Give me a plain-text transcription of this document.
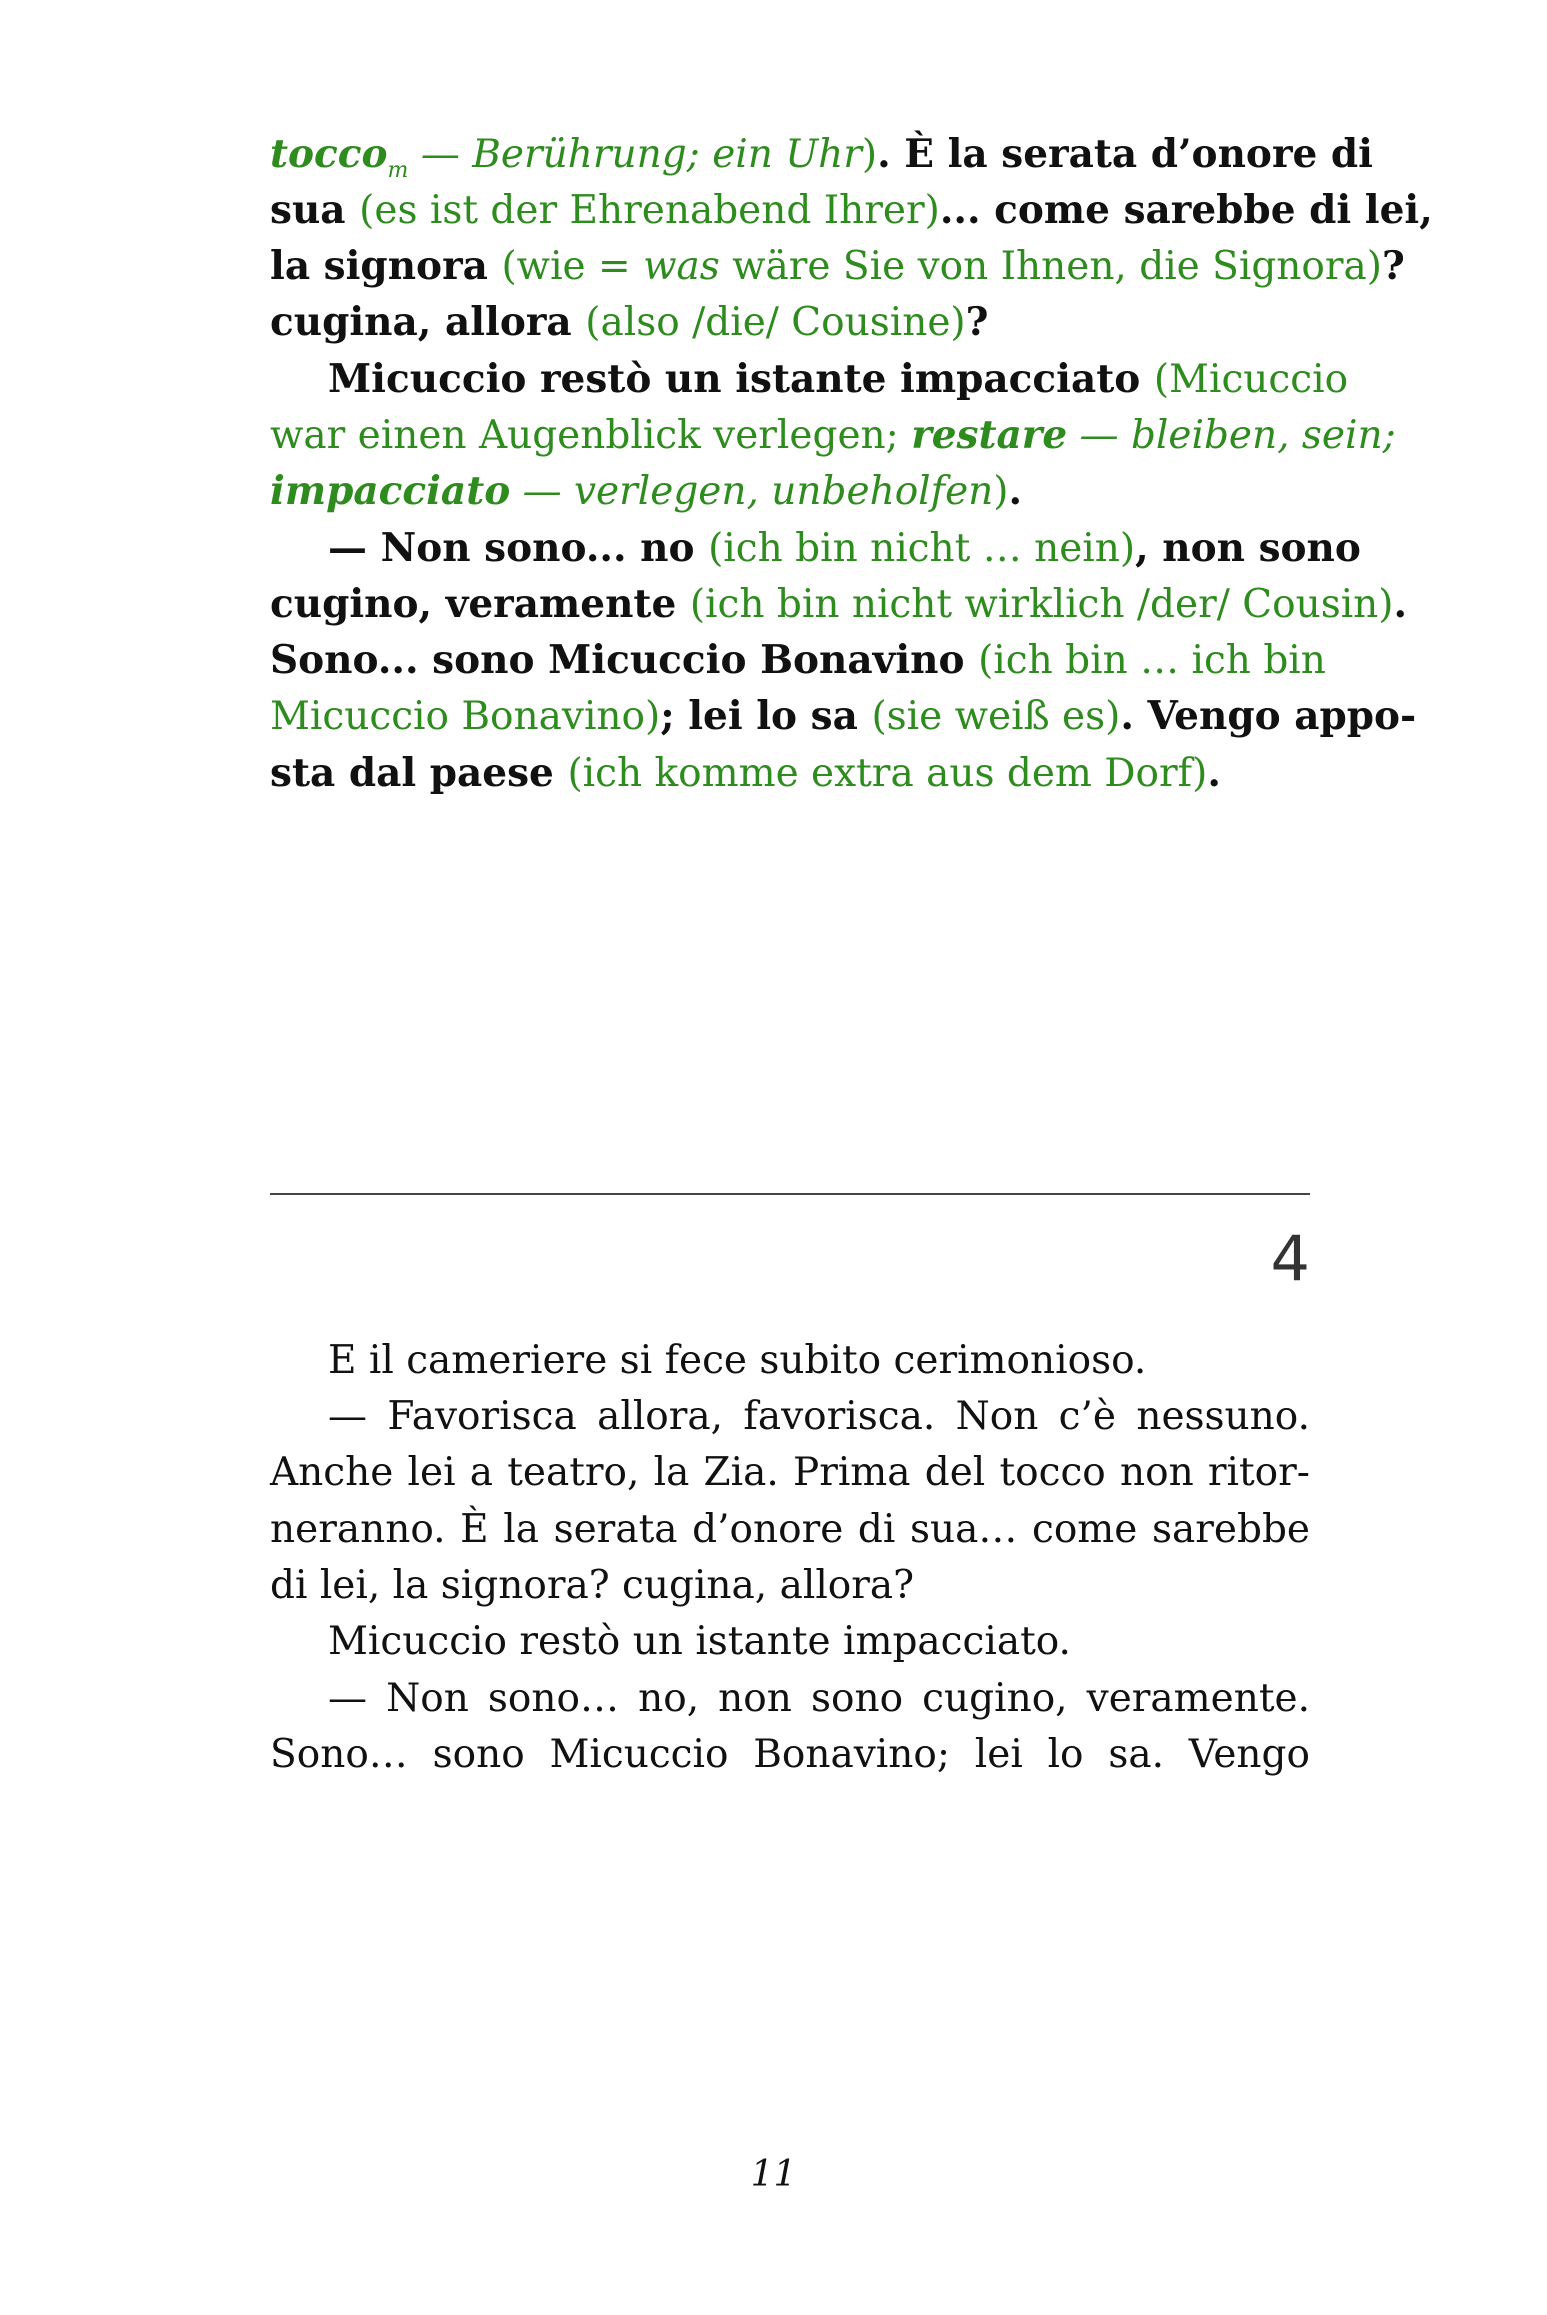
tocco$_m$ — Berührung; ein Uhr). È la serata d’onore di
sua (es ist der Ehrenabend Ihrer)... come sarebbe di lei,
la signora (wie = was wäre Sie von Ihnen, die Signora)?
cugina, allora (also /die/ Cousine)?
Micuccio restò un istante impacciato (Micuccio
war einen Augenblick verlegen; restare — bleiben, sein;
impacciato — verlegen, unbeholfen).
— Non sono... no (ich bin nicht … nein), non sono
cugino, veramente (ich bin nicht wirklich /der/ Cousin).
Sono... sono Micuccio Bonavino (ich bin … ich bin
Micuccio Bonavino); lei lo sa (sie weiß es). Vengo appo-
sta dal paese (ich komme extra aus dem Dorf).
4
E il cameriere si fece subito cerimonioso.
— Favorisca allora, favorisca. Non c’è nessuno.
Anche lei a teatro, la Zia. Prima del tocco non ritor-
neranno. È la serata d’onore di sua… come sarebbe
di lei, la signora? cugina, allora?
Micuccio restò un istante impacciato.
— Non sono… no, non sono cugino, veramente.
Sono… sono Micuccio Bonavino; lei lo sa. Vengo
11
